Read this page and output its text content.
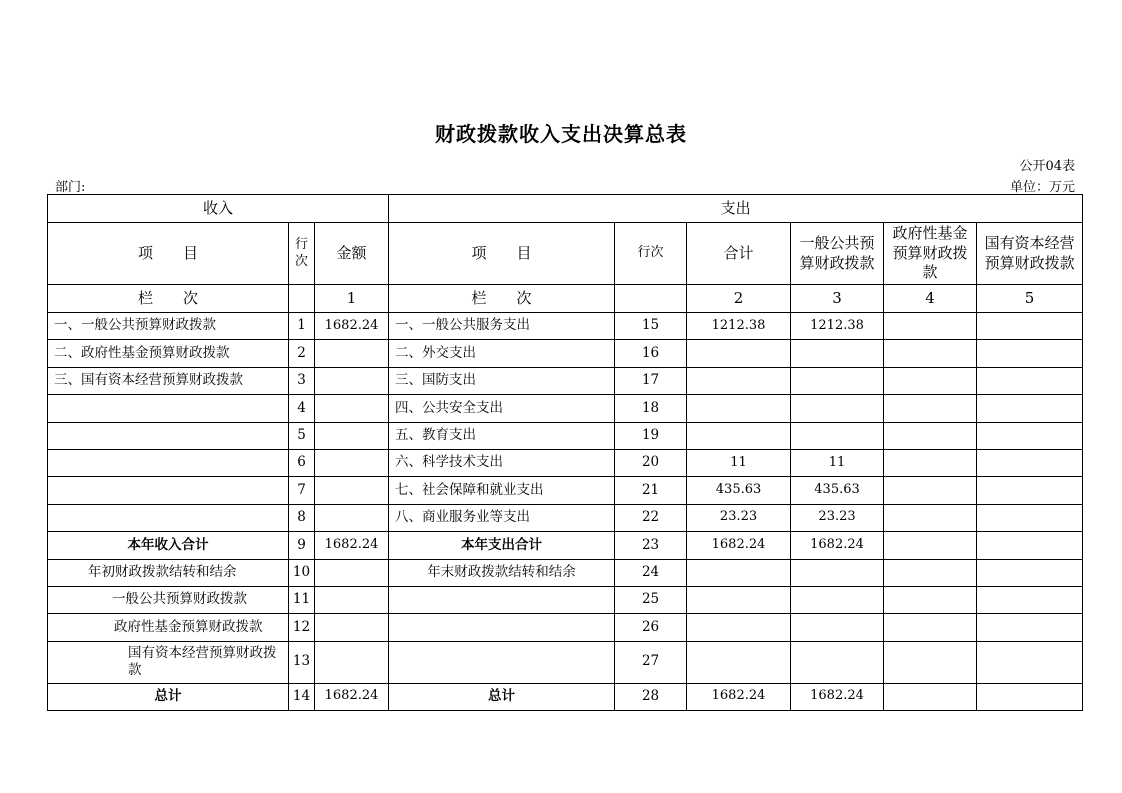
财政拨款收入支出决算总表
公开04表
部门:	单位：万元
收入			支出					
项　　目	行次	金额	项　　目	行次	合计	一般公共预算财政拨款	政府性基金预算财政拨款	国有资本经营预算财政拨款
栏　　次		1	栏　　次		2	3	4	5
一、一般公共预算财政拨款	1	1682.24	一、一般公共服务支出	15	1212.38	1212.38		
二、政府性基金预算财政拨款	2		二、外交支出	16				
三、国有资本经营预算财政拨款	3		三、国防支出	17				
	4		四、公共安全支出	18				
	5		五、教育支出	19				
	6		六、科学技术支出	20	11	11		
	7		七、社会保障和就业支出	21	435.63	435.63		
	8		八、商业服务业等支出	22	23.23	23.23		
本年收入合计	9	1682.24	本年支出合计	23	1682.24	1682.24		
年初财政拨款结转和结余	10		年末财政拨款结转和结余	24				
一般公共预算财政拨款	11			25				
政府性基金预算财政拨款	12			26				
国有资本经营预算财政拨款	13			27				
总计	14	1682.24	总计	28	1682.24	1682.24		
